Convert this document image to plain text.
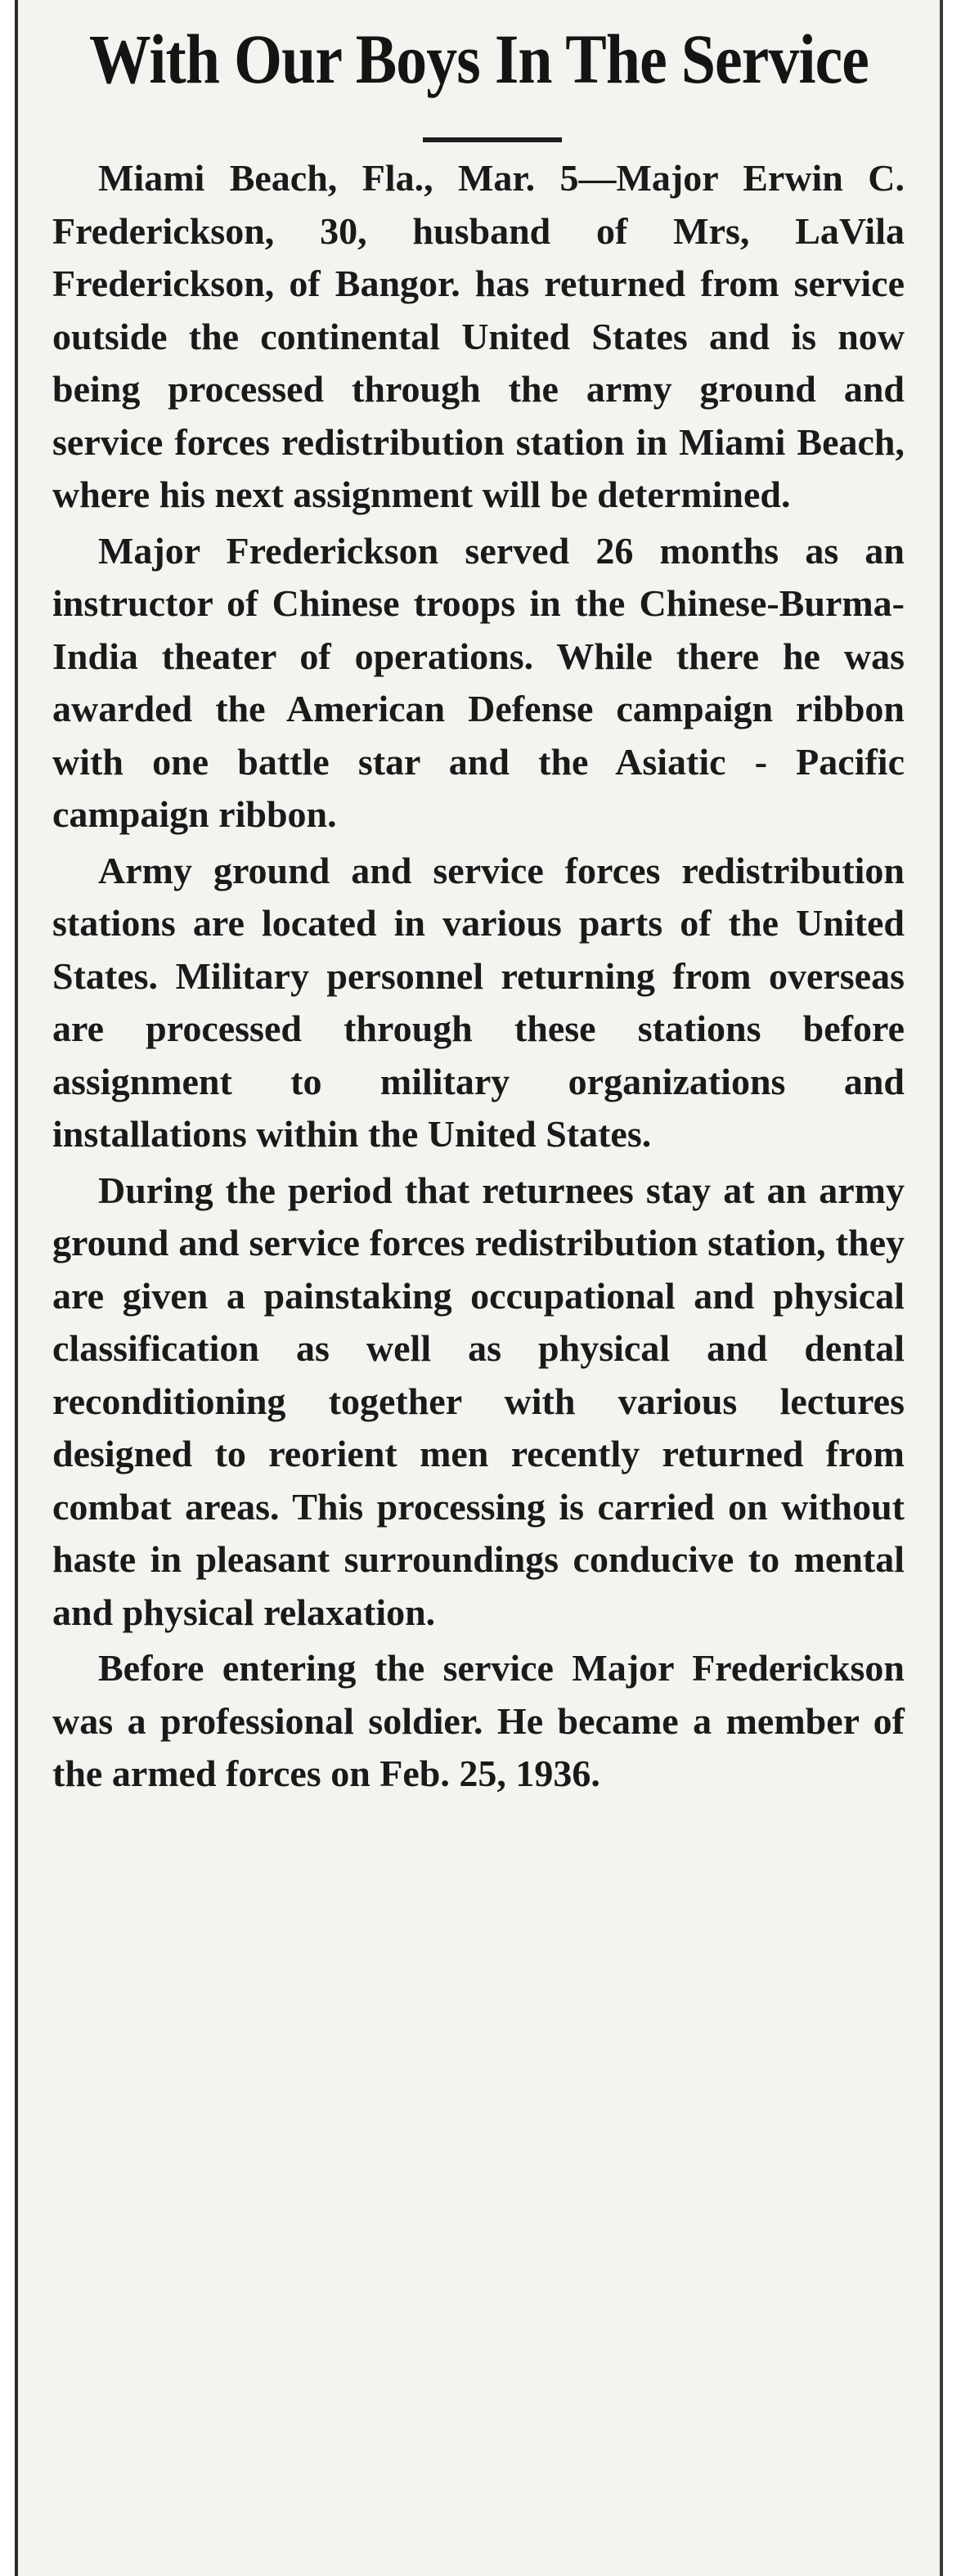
With Our Boys In The Service

Miami Beach, Fla., Mar. 5—Major Erwin C. Frederickson, 30, husband of Mrs, LaVila Frederickson, of Bangor. has returned from service outside the continental United States and is now being processed through the army ground and service forces redistribution station in Miami Beach, where his next assignment will be determined.

Major Frederickson served 26 months as an instructor of Chinese troops in the Chinese-Burma-India theater of operations. While there he was awarded the American Defense campaign ribbon with one battle star and the Asiatic - Pacific campaign ribbon.

Army ground and service forces redistribution stations are located in various parts of the United States. Military personnel returning from overseas are processed through these stations before assignment to military organizations and installations within the United States.

During the period that returnees stay at an army ground and service forces redistribution station, they are given a painstaking occupational and physical classification as well as physical and dental reconditioning together with various lectures designed to reorient men recently returned from combat areas. This processing is carried on without haste in pleasant surroundings conducive to mental and physical relaxation.

Before entering the service Major Frederickson was a professional soldier. He became a member of the armed forces on Feb. 25, 1936.
